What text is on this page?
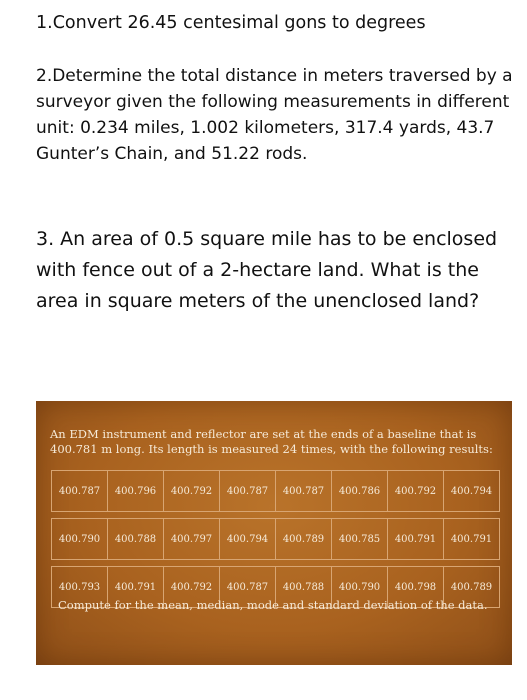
1.Convert 26.45 centesimal gons to degrees

2.Determine the total distance in meters traversed by a surveyor given the following measurements in different unit: 0.234 miles, 1.002 kilometers, 317.4 yards, 43.7 Gunter’s Chain, and 51.22 rods.

3. An area of 0.5 square mile has to be enclosed with fence out of a 2-hectare land. What is the area in square meters of the unenclosed land?

An EDM instrument and reflector are set at the ends of a baseline that is 400.781 m long. Its length is measured 24 times, with the following results:

400.787	400.796	400.792	400.787	400.787	400.786	400.792	400.794

400.790	400.788	400.797	400.794	400.789	400.785	400.791	400.791

400.793	400.791	400.792	400.787	400.788	400.790	400.798	400.789

Compute for the mean, median, mode and standard deviation of the data.
